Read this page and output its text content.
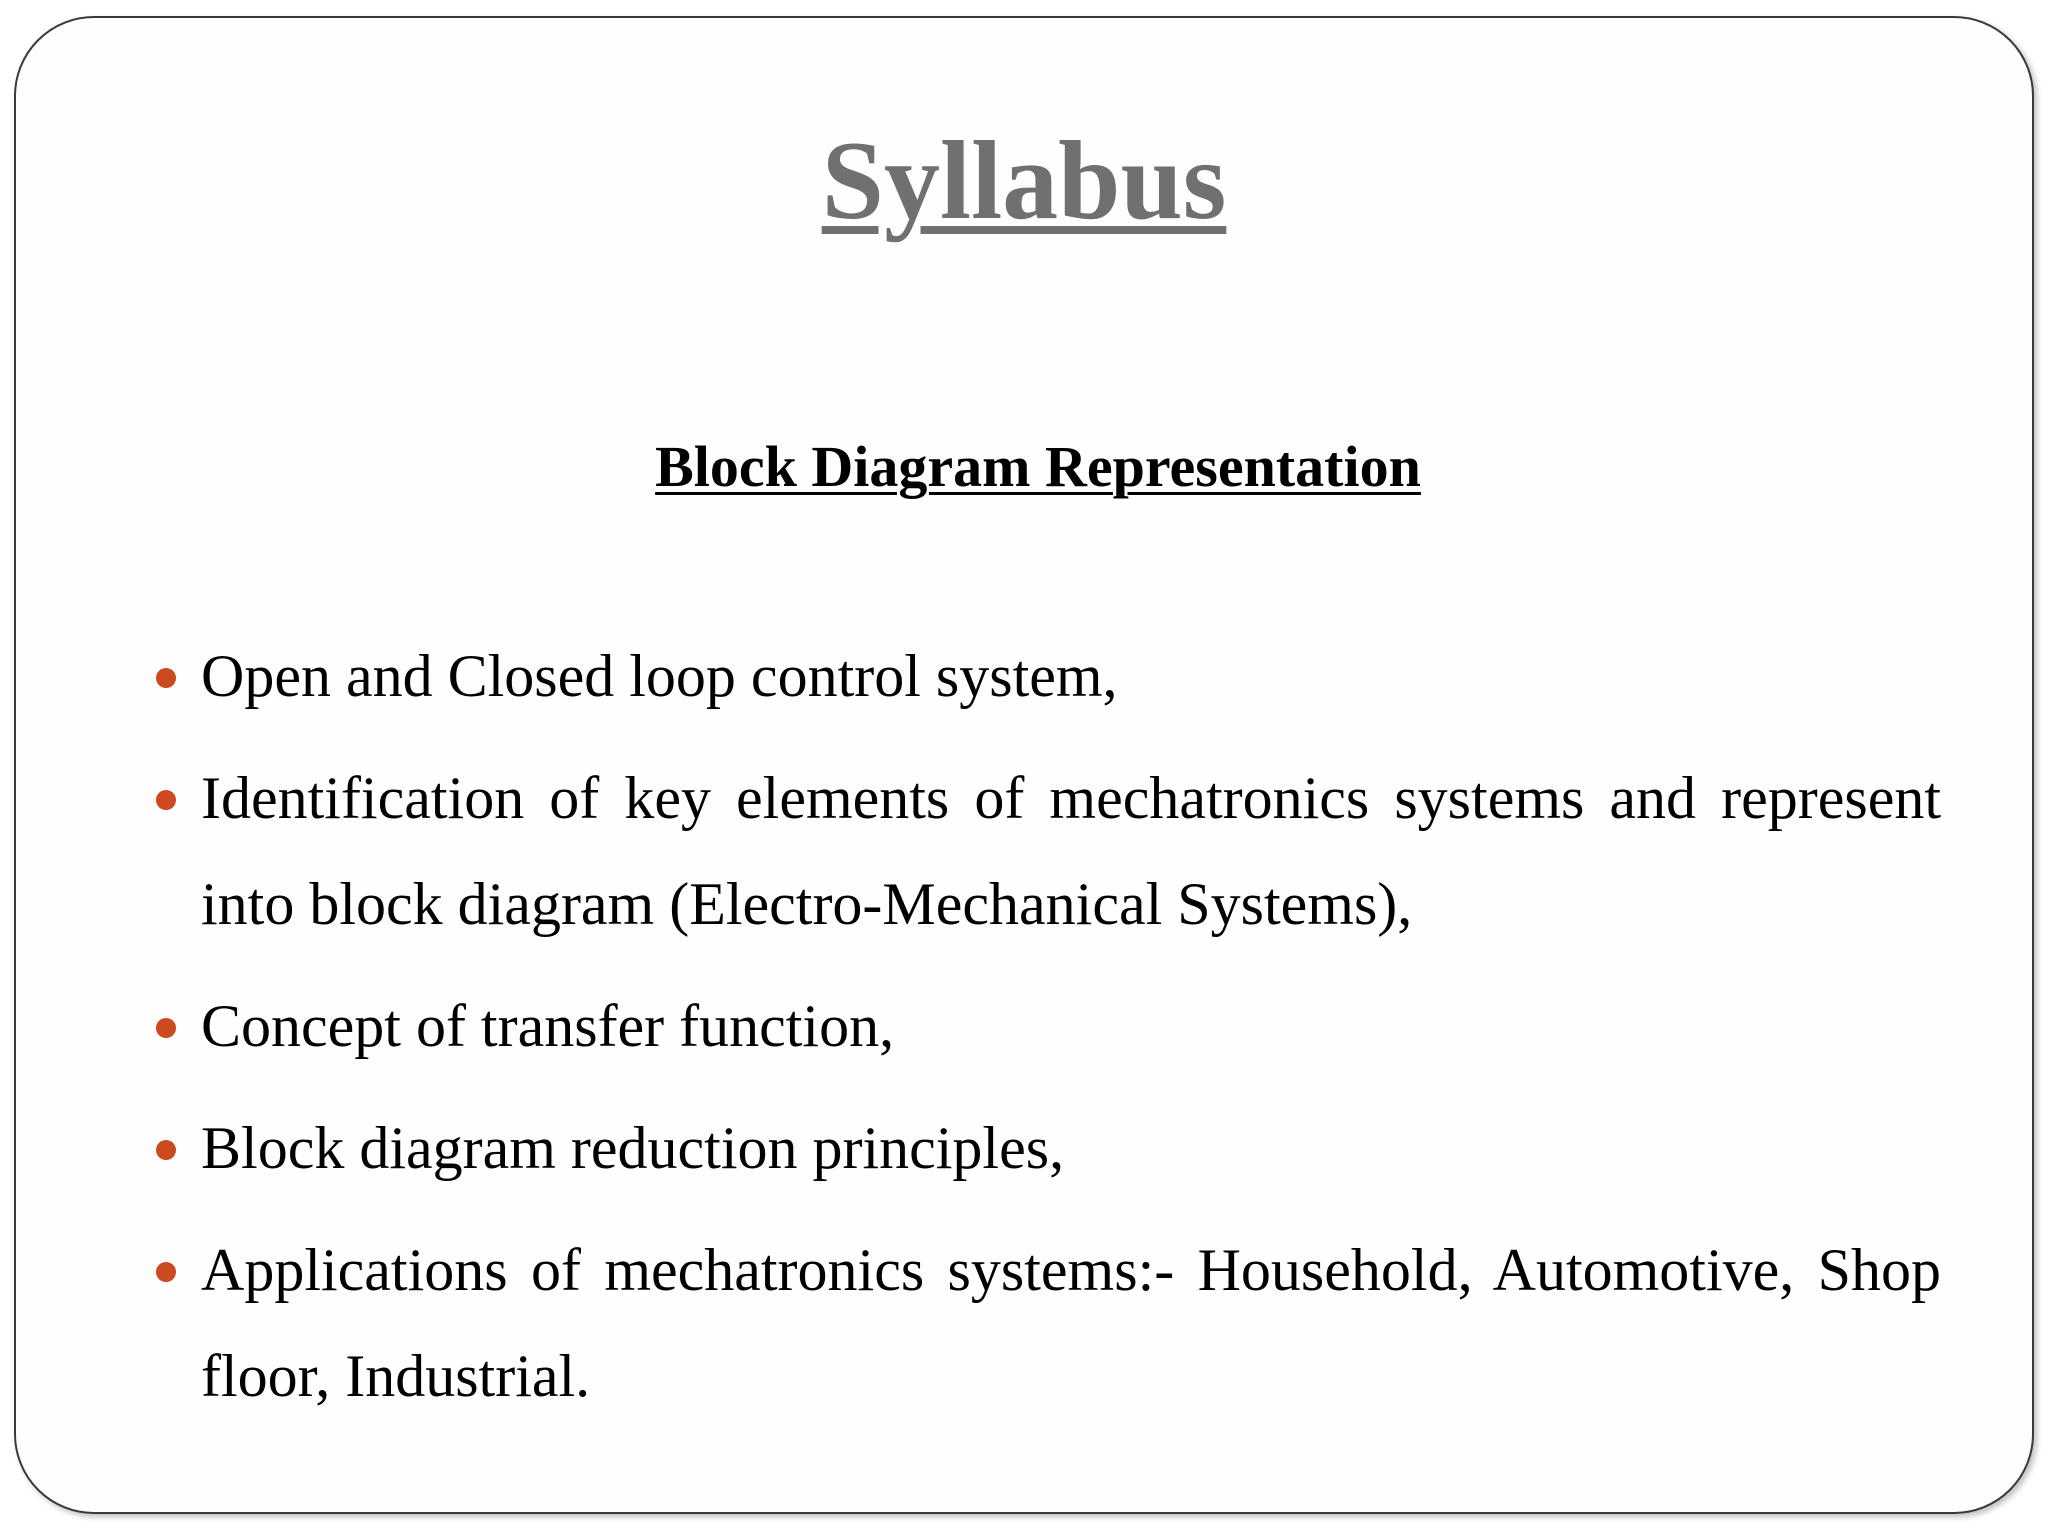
Syllabus
Block Diagram Representation
Open and Closed loop control system,
Identification of key elements of mechatronics systems and represent into block diagram (Electro-Mechanical Systems),
Concept of transfer function,
Block diagram reduction principles,
Applications of mechatronics systems:- Household, Automotive, Shop floor, Industrial.
